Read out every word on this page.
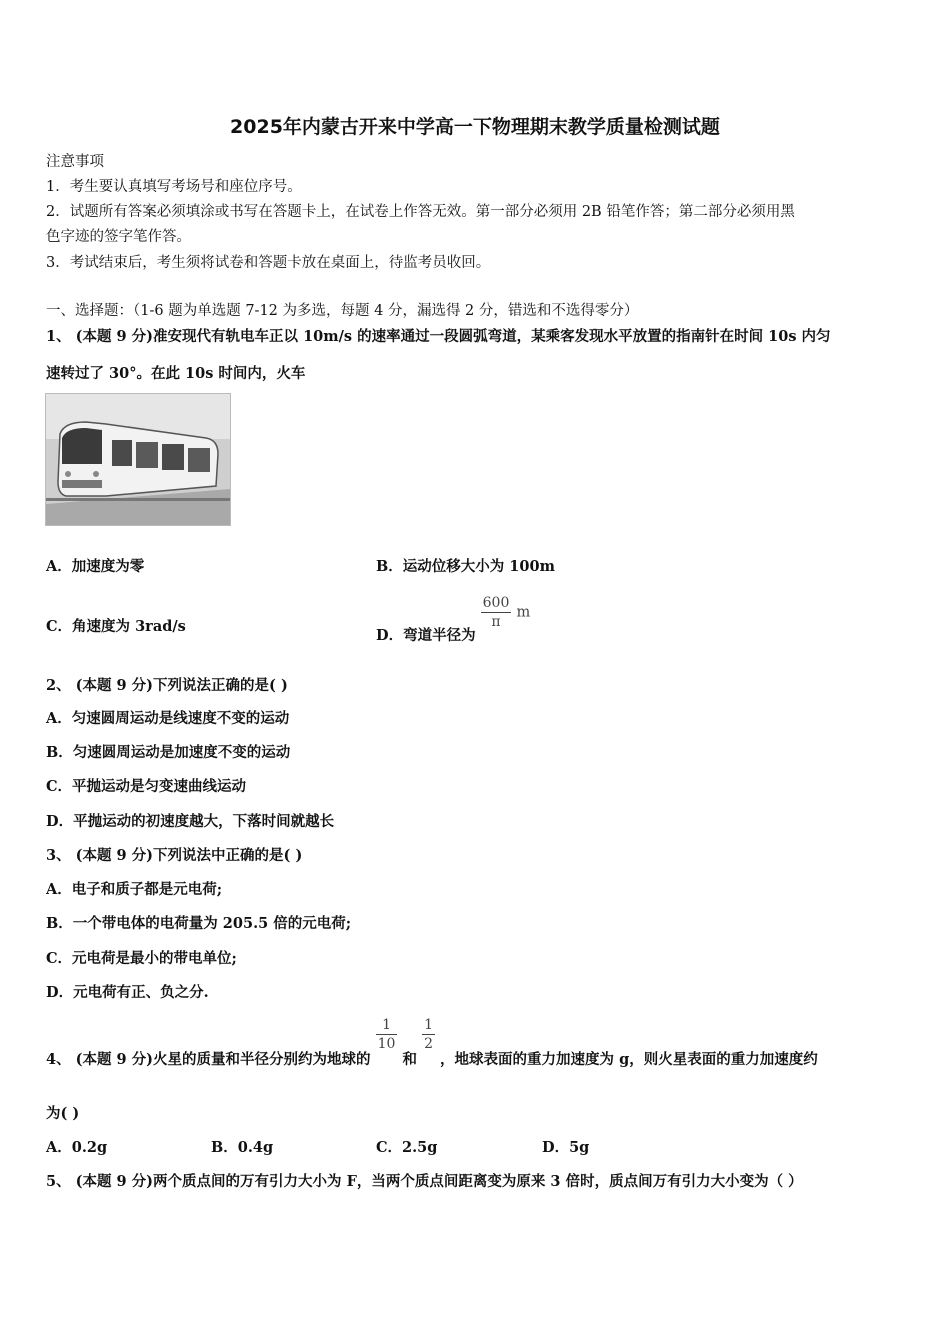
2025年内蒙古开来中学高一下物理期末教学质量检测试题
注意事项
1．考生要认真填写考场号和座位序号。
2．试题所有答案必须填涂或书写在答题卡上，在试卷上作答无效。第一部分必须用 2B 铅笔作答；第二部分必须用黑
色字迹的签字笔作答。
3．考试结束后，考生须将试卷和答题卡放在桌面上，待监考员收回。
一、选择题：（1-6 题为单选题 7-12 为多选，每题 4 分，漏选得 2 分，错选和不选得零分）
1、 (本题 9 分)准安现代有轨电车正以 10m/s 的速率通过一段圆弧弯道，某乘客发现水平放置的指南针在时间 10s 内匀
速转过了 30°。在此 10s 时间内，火车
A．加速度为零	B．运动位移大小为 100m
C．角速度为 3rad/s	D．弯道半径为
$\frac{600}{\pi}$ m
2、 (本题 9 分)下列说法正确的是( )
A．匀速圆周运动是线速度不变的运动
B．匀速圆周运动是加速度不变的运动
C．平抛运动是匀变速曲线运动
D．平抛运动的初速度越大，下落时间就越长
3、 (本题 9 分)下列说法中正确的是( )
A．电子和质子都是元电荷;
B．一个带电体的电荷量为 205.5 倍的元电荷;
C．元电荷是最小的带电单位;
D．元电荷有正、负之分.
4、 (本题 9 分)火星的质量和半径分别约为地球的
$\frac{1}{10}$
和
$\frac{1}{2}$
，地球表面的重力加速度为 g，则火星表面的重力加速度约
为( )
A．0.2g	B．0.4g	C．2.5g	D．5g
5、 (本题 9 分)两个质点间的万有引力大小为 F，当两个质点间距离变为原来 3 倍时，质点间万有引力大小变为（ ）
